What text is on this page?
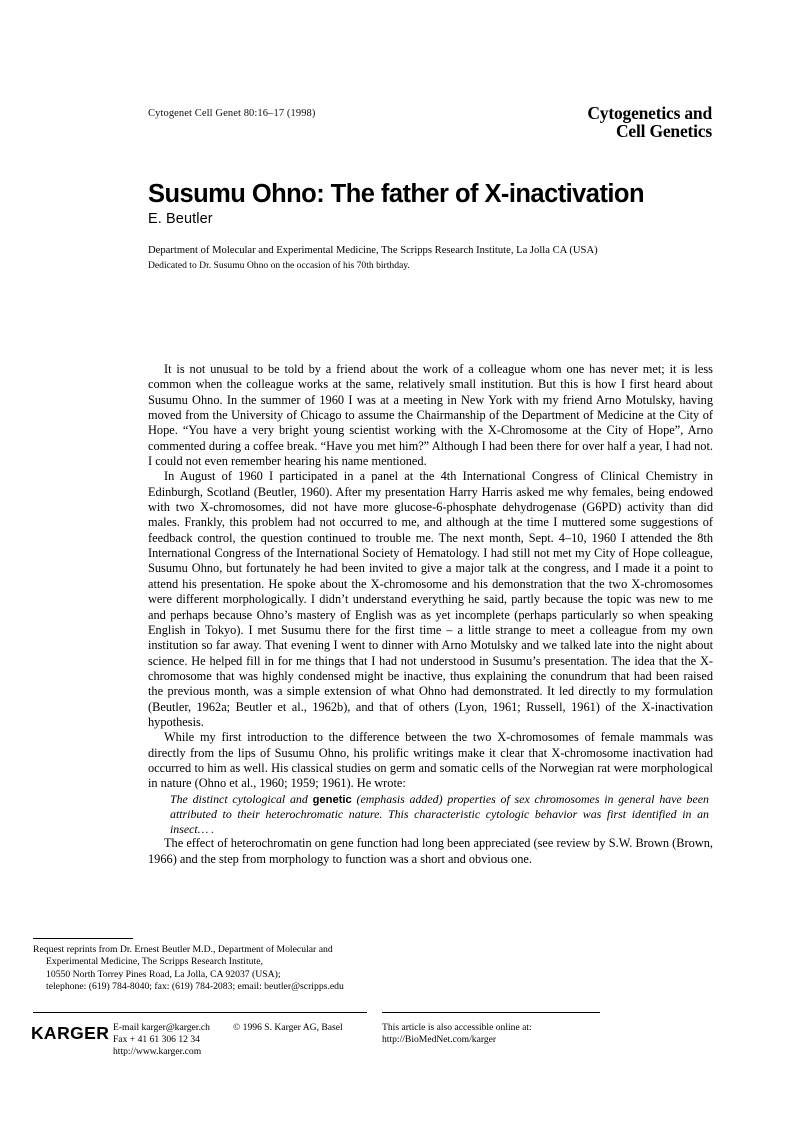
Cytogenet Cell Genet 80:16–17 (1998)	Cytogenetics and
Cell Genetics
Susumu Ohno: The father of X-inactivation
E. Beutler
Department of Molecular and Experimental Medicine, The Scripps Research Institute, La Jolla CA (USA)
Dedicated to Dr. Susumu Ohno on the occasion of his 70th birthday.

It is not unusual to be told by a friend about the work of a colleague whom one has never met; it is less common when the colleague works at the same, relatively small institution. But this is how I first heard about Susumu Ohno. In the summer of 1960 I was at a meeting in New York with my friend Arno Motulsky, having moved from the University of Chicago to assume the Chairmanship of the Department of Medicine at the City of Hope. “You have a very bright young scientist working with the X-Chromosome at the City of Hope”, Arno commented during a coffee break. “Have you met him?” Although I had been there for over half a year, I had not. I could not even remember hearing his name mentioned.

In August of 1960 I participated in a panel at the 4th International Congress of Clinical Chemistry in Edinburgh, Scotland (Beutler, 1960). After my presentation Harry Harris asked me why females, being endowed with two X-chromosomes, did not have more glucose-6-phosphate dehydrogenase (G6PD) activity than did males. Frankly, this problem had not occurred to me, and although at the time I muttered some suggestions of feedback control, the question continued to trouble me. The next month, Sept. 4–10, 1960 I attended the 8th International Congress of the International Society of Hematology. I had still not met my City of Hope colleague, Susumu Ohno, but fortunately he had been invited to give a major talk at the congress, and I made it a point to attend his presentation. He spoke about the X-chromosome and his demonstration that the two X-chromosomes were different morphologically. I didn’t understand everything he said, partly because the topic was new to me and perhaps because Ohno’s mastery of English was as yet incomplete (perhaps particularly so when speaking English in Tokyo). I met Susumu there for the first time – a little strange to meet a colleague from my own institution so far away. That evening I went to dinner with Arno Motulsky and we talked late into the night about science. He helped fill in for me things that I had not understood in Susumu’s presentation. The idea that the X-chromosome that was highly condensed might be inactive, thus explaining the conundrum that had been raised the previous month, was a simple extension of what Ohno had demonstrated. It led directly to my formulation (Beutler, 1962a; Beutler et al., 1962b), and that of others (Lyon, 1961; Russell, 1961) of the X-inactivation hypothesis.

While my first introduction to the difference between the two X-chromosomes of female mammals was directly from the lips of Susumu Ohno, his prolific writings make it clear that X-chromosome inactivation had occurred to him as well. His classical studies on germ and somatic cells of the Norwegian rat were morphological in nature (Ohno et al., 1960; 1959; 1961). He wrote:

The distinct cytological and genetic (emphasis added) properties of sex chromosomes in general have been attributed to their heterochromatic nature. This characteristic cytologic behavior was first identified in an insect… .

The effect of heterochromatin on gene function had long been appreciated (see review by S.W. Brown (Brown, 1966) and the step from morphology to function was a short and obvious one.

Request reprints from Dr. Ernest Beutler M.D., Department of Molecular and
Experimental Medicine, The Scripps Research Institute,
10550 North Torrey Pines Road, La Jolla, CA 92037 (USA);
telephone: (619) 784-8040; fax: (619) 784-2083; email: beutler@scripps.edu
KARGER E-mail karger@karger.ch
Fax + 41 61 306 12 34
http://www.karger.com
© 1996 S. Karger AG, Basel	This article is also accessible online at:
http://BioMedNet.com/karger
